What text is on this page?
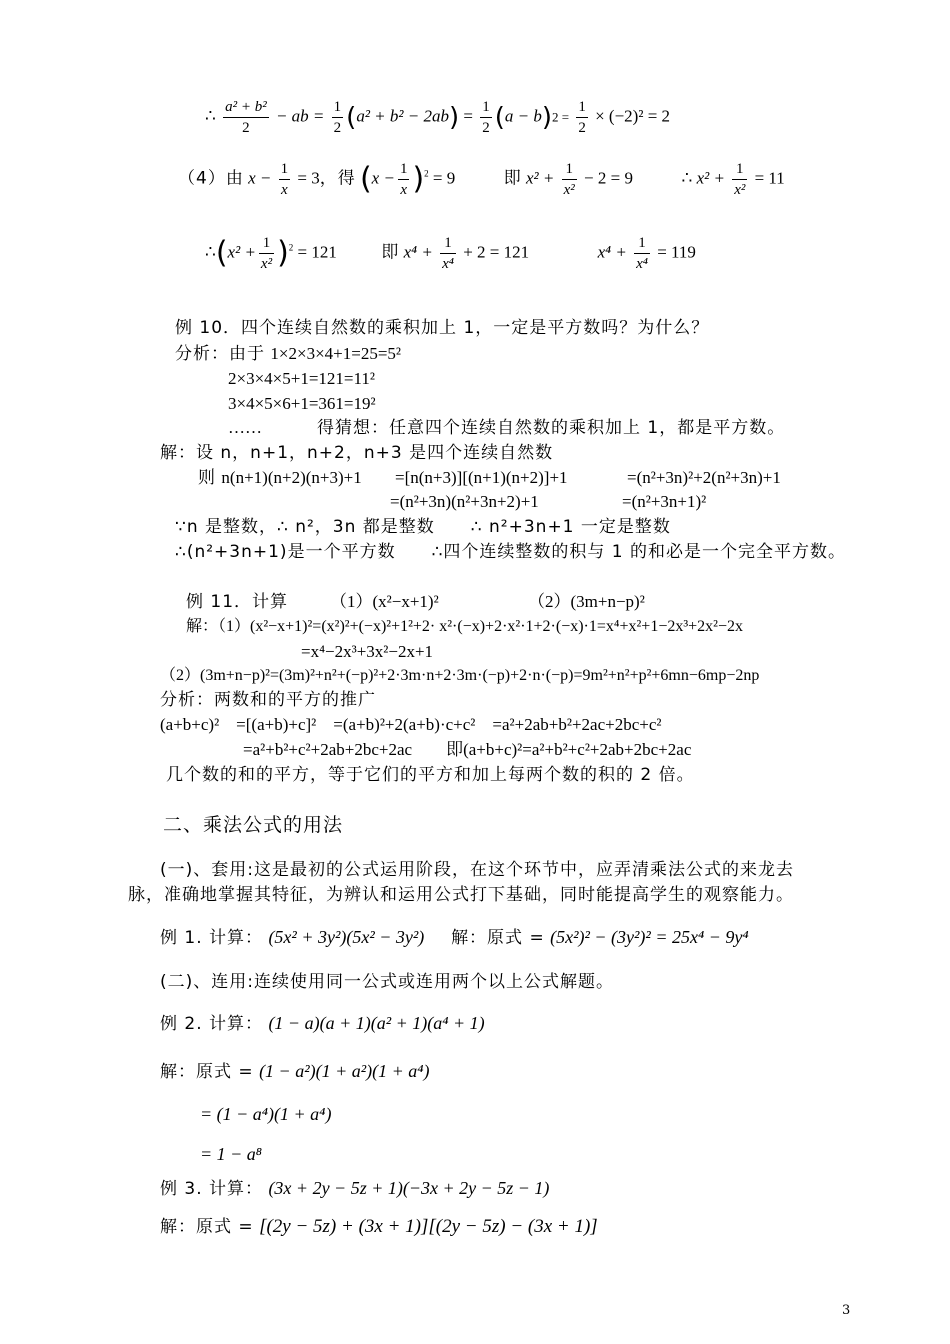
∴ $\frac{\text{a² + b²}}{2}$ − ab = $\frac{1}{2} (a^2 + b^2 - 2ab) = \frac{1}{2} (a - b)2 = \frac{1}{2} \times (-2)^2 = 2$
（4）由 $x - \frac{1}{x} = 3$，得 $(x - \frac{1}{x} )^2 = 9$	即 $x^2 + \frac{1}{\text{x²}} - 2 = 9$	∴ $x^2 + \frac{1}{\text{x²}} = 11$
∴(x² + $\frac{1}{\text{x²}} )^2 = 121$	即 $x^4 + \frac{1}{\text{x⁴}} + 2 = 121$	$x^4 + \frac{1}{\text{x⁴}} = 119$
例 10．四个连续自然数的乘积加上 1，一定是平方数吗？为什么？
分析：由于 1×2×3×4+1=25=5²
2×3×4×5+1=121=11²
3×4×5×6+1=361=19²
……	得猜想：任意四个连续自然数的乘积加上 1，都是平方数。
解：设 n，n+1，n+2，n+3 是四个连续自然数
则 n(n+1)(n+2)(n+3)+1 =[n(n+3)][(n+1)(n+2)]+1	=(n²+3n)²+2(n²+3n)+1
=(n²+3n)(n²+3n+2)+1	=(n²+3n+1)²
∵n 是整数，∴ n²，3n 都是整数　　∴ n²+3n+1 一定是整数
∴(n²+3n+1)是一个平方数　　∴四个连续整数的积与 1 的和必是一个完全平方数。
例 11．计算 （1）(x²−x+1)²	（2）(3m+n−p)²
解：（1）(x²−x+1)²=(x²)²+(−x)²+1²+2· x²·(−x)+2·x²·1+2·(−x)·1=x⁴+x²+1−2x³+2x²−2x
=x⁴−2x³+3x²−2x+1
（2）(3m+n−p)²=(3m)²+n²+(−p)²+2·3m·n+2·3m·(−p)+2·n·(−p)=9m²+n²+p²+6mn−6mp−2np
分析：两数和的平方的推广
(a+b+c)²　=[(a+b)+c]²　=(a+b)²+2(a+b)·c+c²　=a²+2ab+b²+2ac+2bc+c²
=a²+b²+c²+2ab+2bc+2ac　　即(a+b+c)²=a²+b²+c²+2ab+2bc+2ac
几个数的和的平方，等于它们的平方和加上每两个数的积的 2 倍。
二、乘法公式的用法
(一)、套用:这是最初的公式运用阶段，在这个环节中，应弄清乘法公式的来龙去
脉，准确地掌握其特征，为辨认和运用公式打下基础，同时能提高学生的观察能力。
例 1. 计算： (5x² + 3y²)(5x² − 3y²) 解：原式 = (5x²)² − (3y²)² = 25x⁴ − 9y⁴
(二)、连用:连续使用同一公式或连用两个以上公式解题。
例 2. 计算： (1 − a)(a + 1)(a² + 1)(a⁴ + 1)
解：原式 = (1 − a²)(1 + a²)(1 + a⁴)
= (1 − a⁴)(1 + a⁴)
= 1 − a⁸
例 3. 计算： (3x + 2y − 5z + 1)(−3x + 2y − 5z − 1)
解：原式 = [(2y − 5z) + (3x + 1)][(2y − 5z) − (3x + 1)]
3
